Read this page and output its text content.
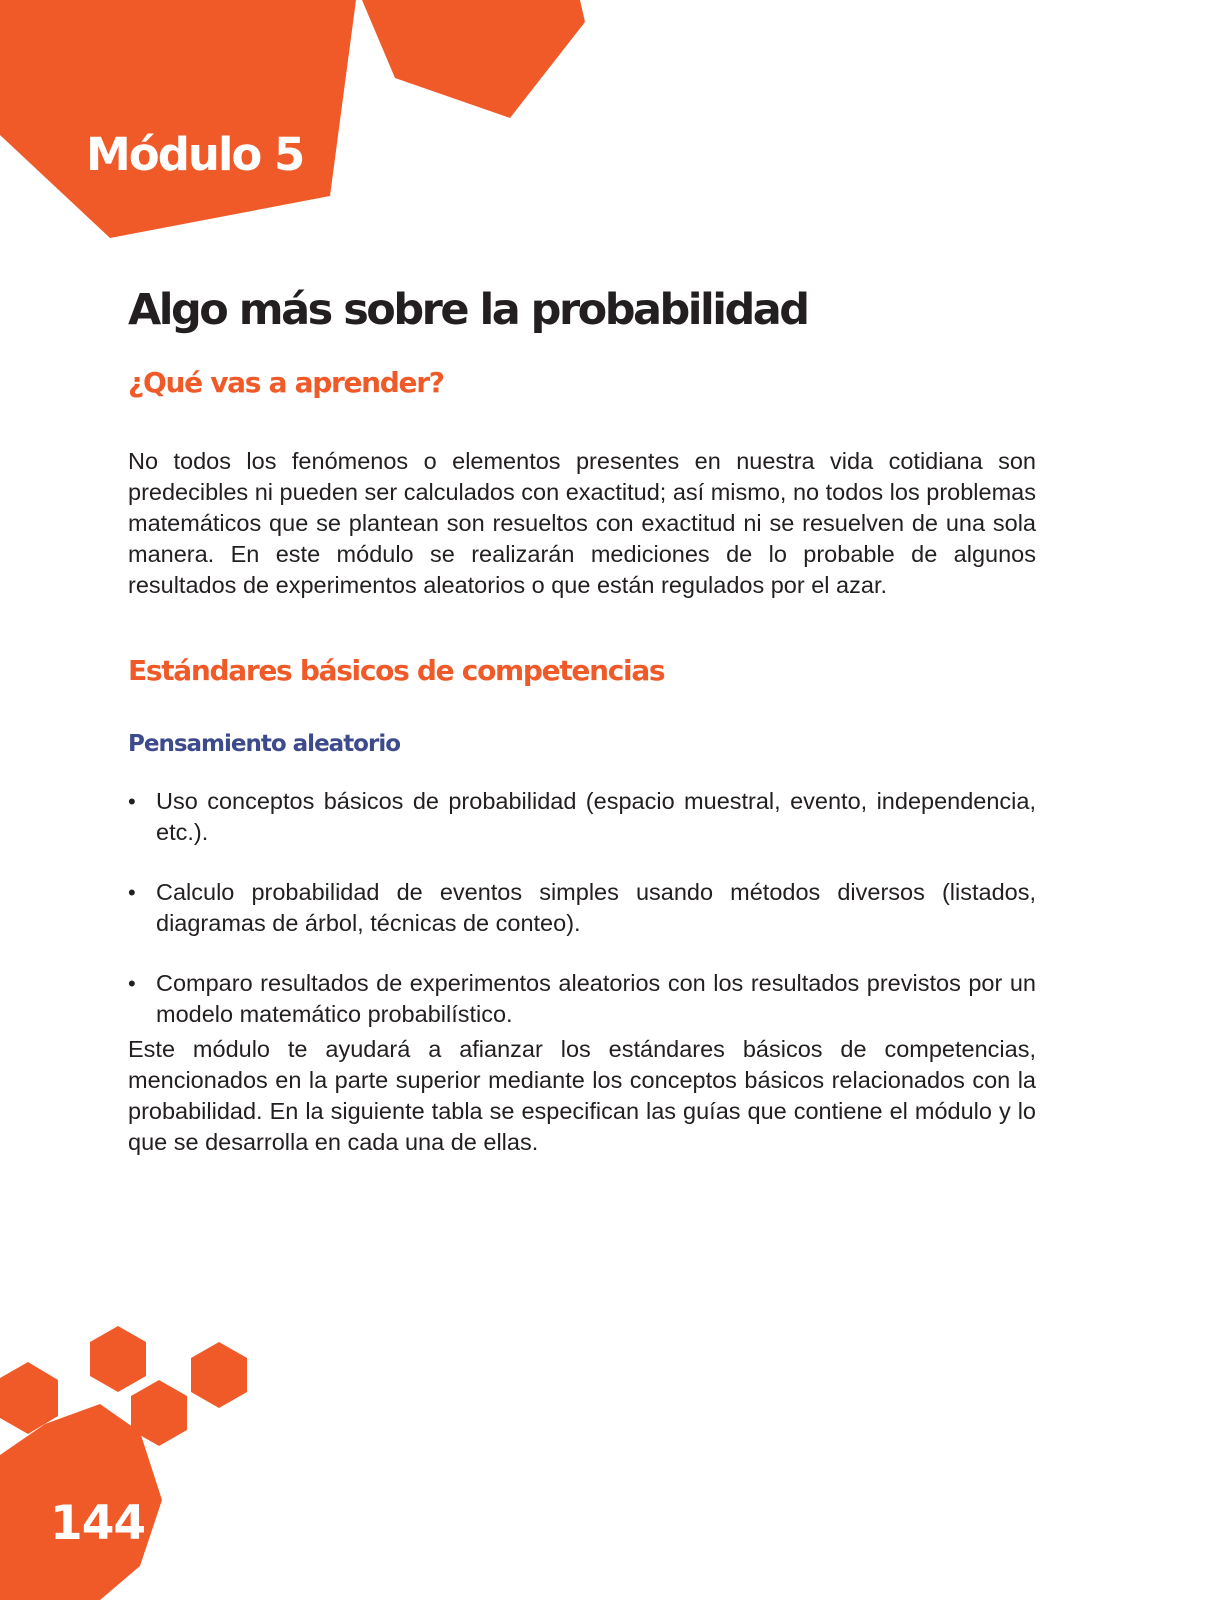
Módulo 5
144
Algo más sobre la probabilidad
¿Qué vas a aprender?

No todos los fenómenos o elementos presentes en nuestra vida cotidiana son predecibles ni pueden ser calculados con exactitud; así mismo, no todos los problemas matemáticos que se plantean son resueltos con exactitud ni se resuelven de una sola manera. En este módulo se realizarán mediciones de lo probable de algunos resultados de experimentos aleatorios o que están regulados por el azar.

Estándares básicos de competencias
Pensamiento aleatorio
• Uso conceptos básicos de probabilidad (espacio muestral, evento, independencia, etc.).
• Calculo probabilidad de eventos simples usando métodos diversos (listados, diagramas de árbol, técnicas de conteo).
• Comparo resultados de experimentos aleatorios con los resultados previstos por un modelo matemático probabilístico.

Este módulo te ayudará a afianzar los estándares básicos de competencias, mencionados en la parte superior mediante los conceptos básicos relacionados con la probabilidad. En la siguiente tabla se especifican las guías que contiene el módulo y lo que se desarrolla en cada una de ellas.
